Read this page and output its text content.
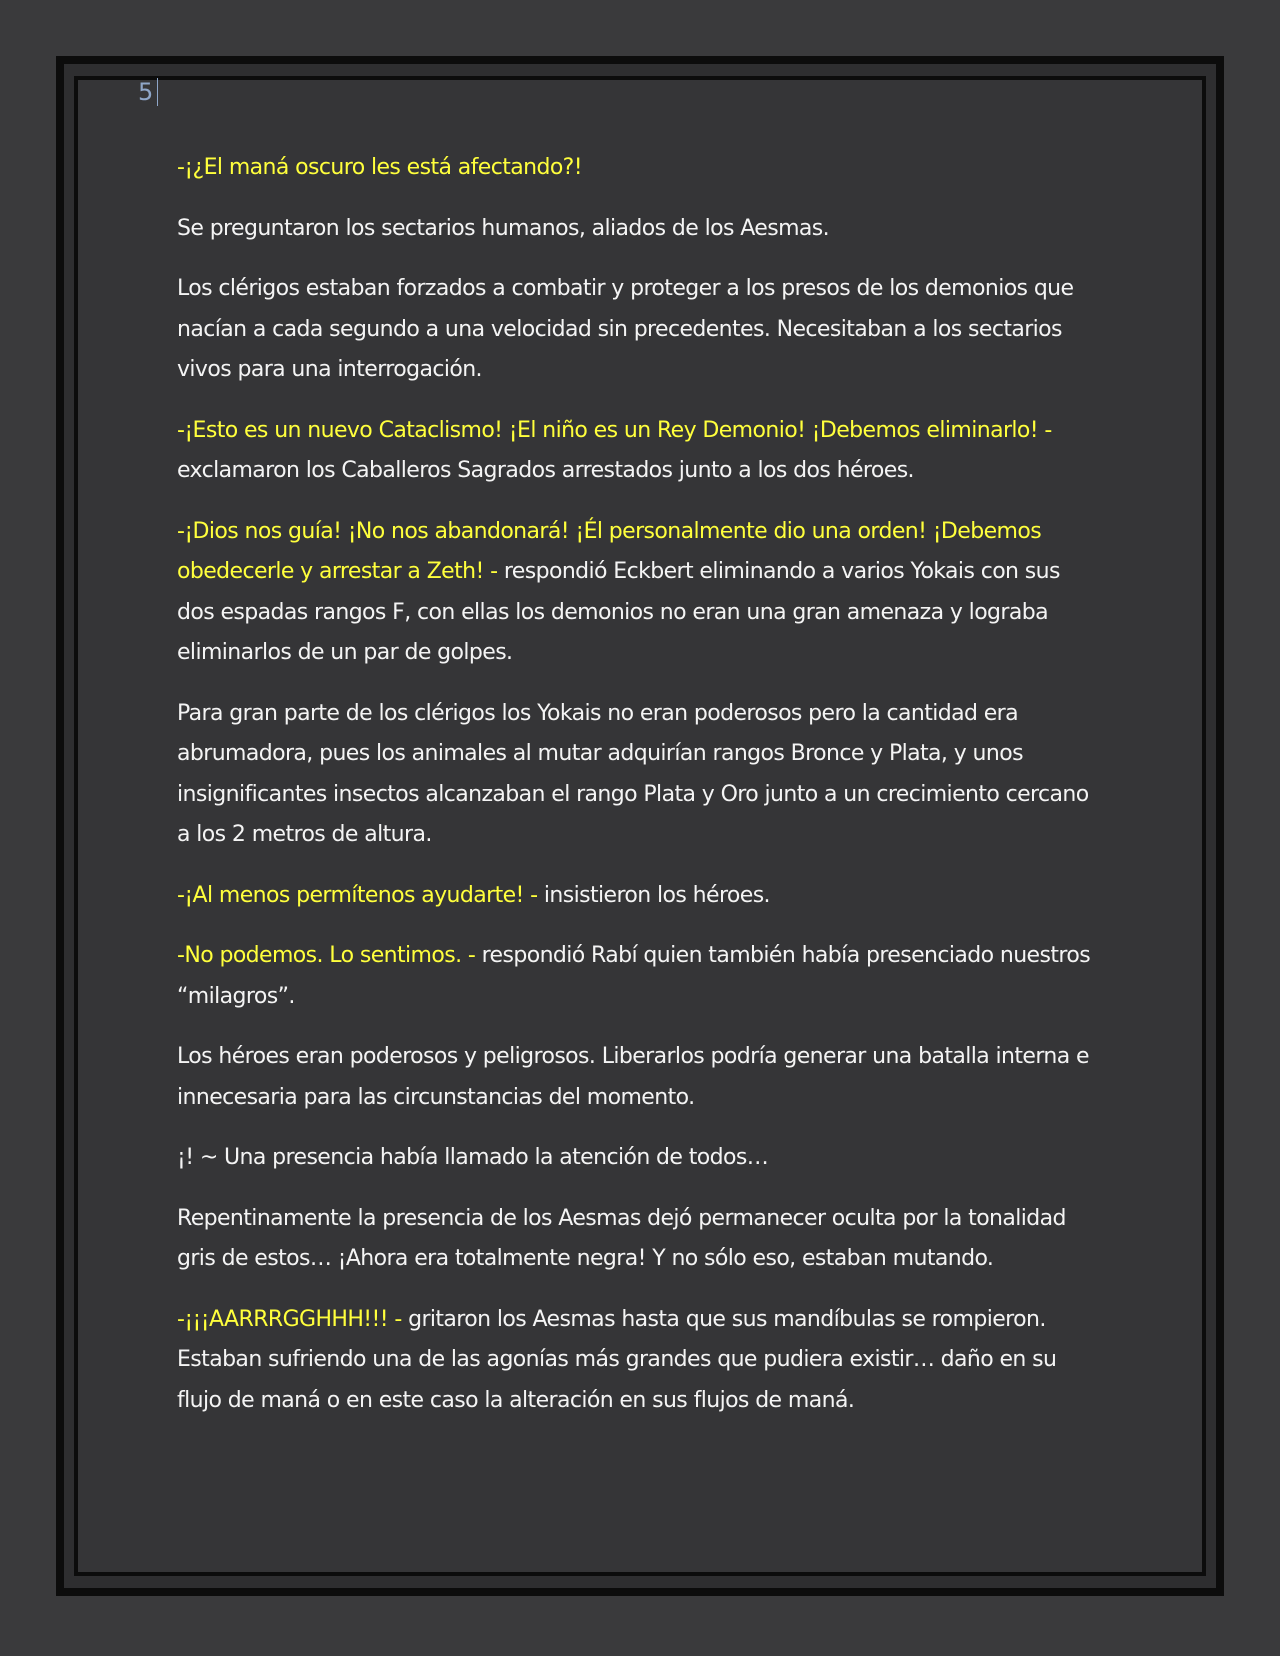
5

-¡¿El maná oscuro les está afectando?!

Se preguntaron los sectarios humanos, aliados de los Aesmas.

Los clérigos estaban forzados a combatir y proteger a los presos de los demonios que nacían a cada segundo a una velocidad sin precedentes. Necesitaban a los sectarios vivos para una interrogación.

-¡Esto es un nuevo Cataclismo! ¡El niño es un Rey Demonio! ¡Debemos eliminarlo! - exclamaron los Caballeros Sagrados arrestados junto a los dos héroes.

-¡Dios nos guía! ¡No nos abandonará! ¡Él personalmente dio una orden! ¡Debemos obedecerle y arrestar a Zeth! - respondió Eckbert eliminando a varios Yokais con sus dos espadas rangos F, con ellas los demonios no eran una gran amenaza y lograba eliminarlos de un par de golpes.

Para gran parte de los clérigos los Yokais no eran poderosos pero la cantidad era abrumadora, pues los animales al mutar adquirían rangos Bronce y Plata, y unos insignificantes insectos alcanzaban el rango Plata y Oro junto a un crecimiento cercano a los 2 metros de altura.

-¡Al menos permítenos ayudarte! - insistieron los héroes.

-No podemos. Lo sentimos. - respondió Rabí quien también había presenciado nuestros “milagros”.

Los héroes eran poderosos y peligrosos. Liberarlos podría generar una batalla interna e innecesaria para las circunstancias del momento.

¡! ~ Una presencia había llamado la atención de todos…

Repentinamente la presencia de los Aesmas dejó permanecer oculta por la tonalidad gris de estos… ¡Ahora era totalmente negra! Y no sólo eso, estaban mutando.

-¡¡¡AARRRGGHHH!!! - gritaron los Aesmas hasta que sus mandíbulas se rompieron. Estaban sufriendo una de las agonías más grandes que pudiera existir… daño en su flujo de maná o en este caso la alteración en sus flujos de maná.
